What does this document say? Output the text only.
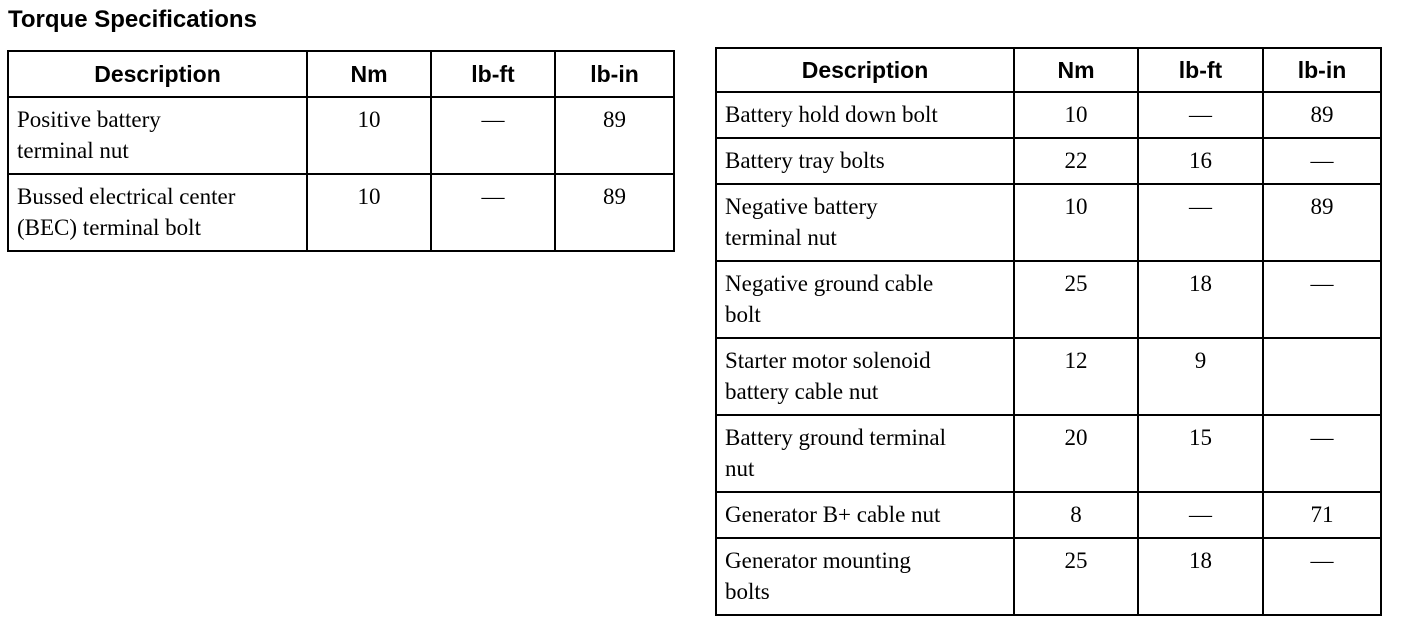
Torque Specifications
Description	Nm	lb-ft	lb-in
Positive battery
terminal nut	10	—	89
Bussed electrical center
(BEC) terminal bolt	10	—	89
Description	Nm	lb-ft	lb-in
Battery hold down bolt	10	—	89
Battery tray bolts	22	16	—
Negative battery
terminal nut	10	—	89
Negative ground cable
bolt	25	18	—
Starter motor solenoid
battery cable nut	12	9	
Battery ground terminal
nut	20	15	—
Generator B+ cable nut	8	—	71
Generator mounting
bolts	25	18	—
